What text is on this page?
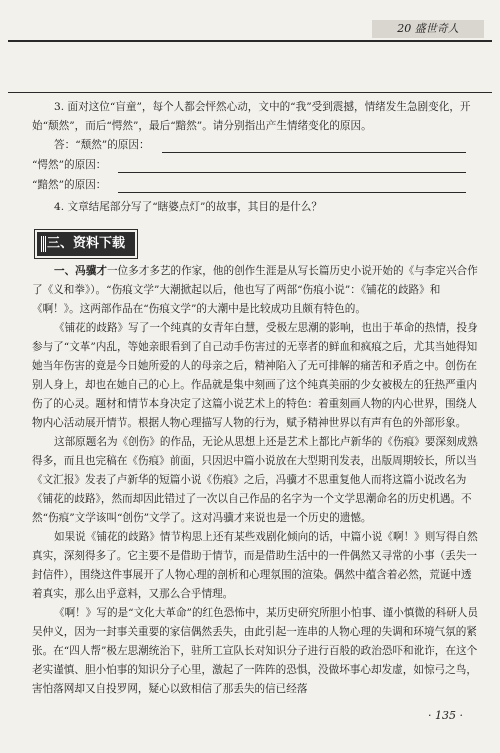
20 盛世奇人

3. 面对这位“盲童”，每个人都会怦然心动，文中的“我”受到震撼，情绪发生急剧变化，开始“颓然”，而后“愕然”，最后“黯然”。请分别指出产生情绪变化的原因。

答：“颓然”的原因：
“愕然”的原因：
“黯然”的原因：

4. 文章结尾部分写了“瞎婆点灯”的故事，其目的是什么？

三、资料下载

一、冯骥才一位多才多艺的作家，他的创作生涯是从写长篇历史小说开始的《与李定兴合作了《义和拳》）。“伤痕文学”大潮掀起以后，他也写了两部“伤痕小说”：《铺花的歧路》和《啊！》。这两部作品在“伤痕文学”的大潮中是比较成功且颇有特色的。

《铺花的歧路》写了一个纯真的女青年白慧，受极左思潮的影响，也出于革命的热情，投身参与了“文革”内乱，等她亲眼看到了自己动手伤害过的无辜者的鲜血和疯痕之后，尤其当她得知她当年伤害的竟是今日她所爱的人的母亲之后，精神陷入了无可排解的痛苦和矛盾之中。创伤在别人身上，却也在她自己的心上。作品就是集中刻画了这个纯真美丽的少女被极左的狂热严重内伤了的心灵。题材和情节本身决定了这篇小说艺术上的特色：着重刻画人物的内心世界，围绕人物内心活动展开情节。根据人物心理描写人物的行为，赋予精神世界以有声有色的外部形象。

这部原题名为《创伤》的作品，无论从思想上还是艺术上都比卢新华的《伤痕》要深刻成熟得多，而且也完稿在《伤痕》前面，只因迟中篇小说放在大型期刊发表，出版周期较长，所以当《文汇报》发表了卢新华的短篇小说《伤痕》之后，冯骥才不思重复他人而将这篇小说改名为《铺花的歧路》，然而却因此错过了一次以自己作品的名字为一个文学思潮命名的历史机遇。不然“伤痕”文学该叫“创伤”文学了。这对冯骥才来说也是一个历史的遗憾。

如果说《铺花的歧路》情节构思上还有某些戏剧化倾向的话，中篇小说《啊！》则写得自然真实，深刻得多了。它主要不是借助于情节，而是借助生活中的一件偶然又寻常的小事（丢失一封信件），围绕这件事展开了人物心理的剖析和心理氛围的渲染。偶然中蕴含着必然，荒诞中透着真实，那么出乎意料，又那么合乎情理。

《啊！》写的是“文化大革命”的红色恐怖中，某历史研究所胆小怕事、谨小慎微的科研人员吴仲义，因为一封事关重要的家信偶然丢失，由此引起一连串的人物心理的失调和环境气氛的紧张。在“四人帮”极左思潮统治下，驻所工宣队长对知识分子进行百般的政治恐吓和讹诈，在这个老实谨慎、胆小怕事的知识分子心里，激起了一阵阵的恐惧，没做坏事心却发虚，如惊弓之鸟，害怕落网却又自投罗网，疑心以致相信了那丢失的信已经落

· 135 ·
